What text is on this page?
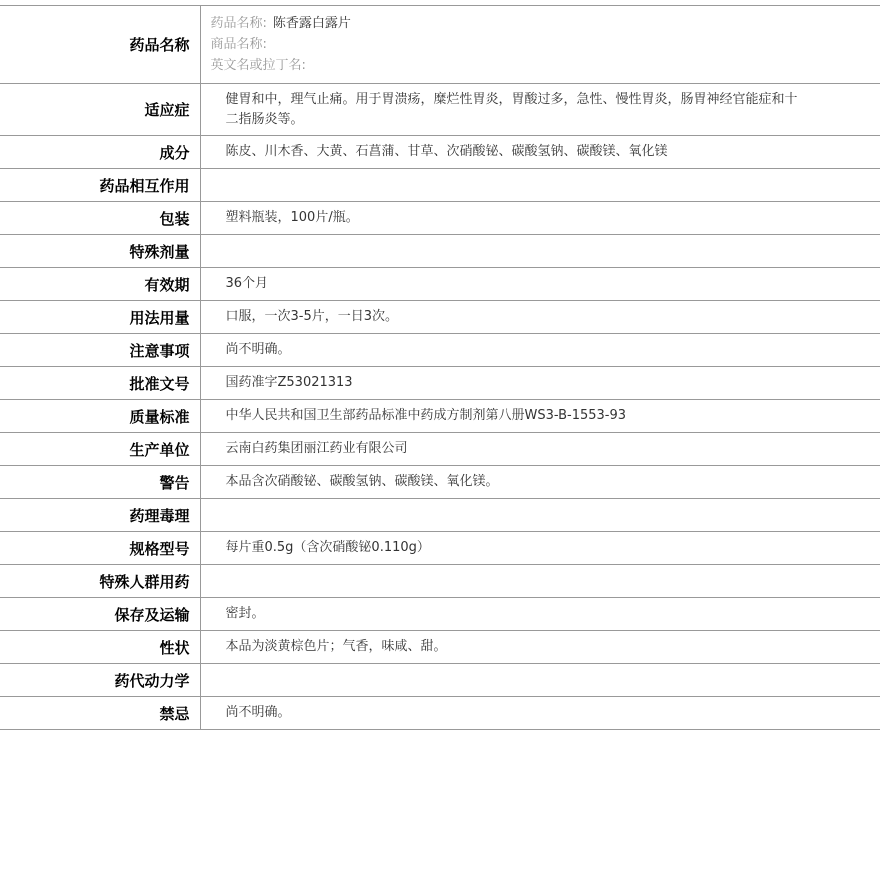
药品名称	药品名称: 陈香露白露片
商品名称:
英文名或拉丁名:

适应症	健胃和中，理气止痛。用于胃溃疡，糜烂性胃炎，胃酸过多，急性、慢性胃炎，肠胃神经官能症和十二指肠炎等。
成分	陈皮、川木香、大黄、石菖蒲、甘草、次硝酸铋、碳酸氢钠、碳酸镁、氧化镁
药品相互作用	
包装	塑料瓶装，100片/瓶。
特殊剂量	
有效期	36个月
用法用量	口服，一次3-5片，一日3次。
注意事项	尚不明确。
批准文号	国药准字Z53021313
质量标准	中华人民共和国卫生部药品标准中药成方制剂第八册WS3-B-1553-93
生产单位	云南白药集团丽江药业有限公司
警告	本品含次硝酸铋、碳酸氢钠、碳酸镁、氧化镁。
药理毒理	
规格型号	每片重0.5g（含次硝酸铋0.110g）
特殊人群用药	
保存及运输	密封。
性状	本品为淡黄棕色片；气香，味咸、甜。
药代动力学	
禁忌	尚不明确。
